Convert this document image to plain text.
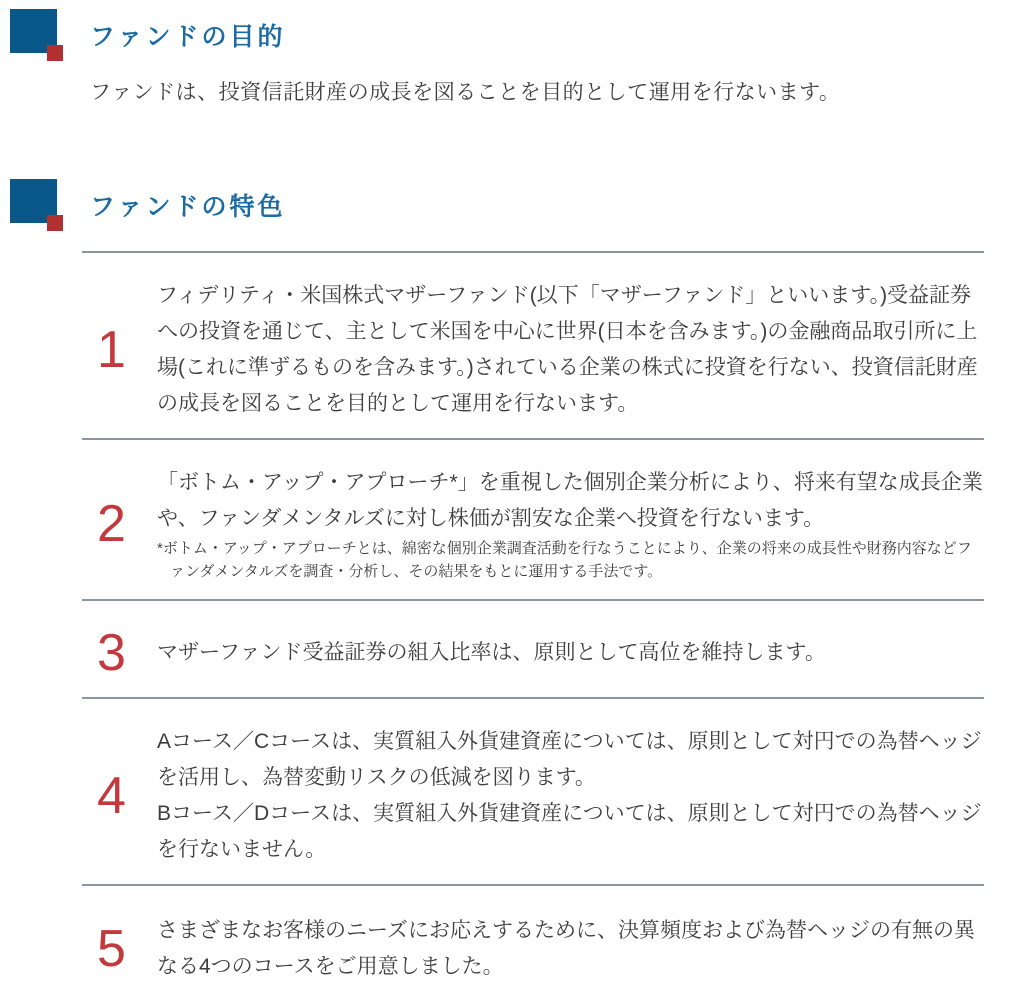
ファンドの目的

ファンドは、投資信託財産の成長を図ることを目的として運用を行ないます。

ファンドの特色
1

フィデリティ・米国株式マザーファンド(以下「マザーファンド」といいます。)受益証券への投資を通じて、主として米国を中心に世界(日本を含みます。)の金融商品取引所に上場(これに準ずるものを含みます。)されている企業の株式に投資を行ない、投資信託財産の成長を図ることを目的として運用を行ないます。

2

「ボトム・アップ・アプローチ*」を重視した個別企業分析により、将来有望な成長企業や、ファンダメンタルズに対し株価が割安な企業へ投資を行ないます。

*ボトム・アップ・アプローチとは、綿密な個別企業調査活動を行なうことにより、企業の将来の成長性や財務内容などファンダメンタルズを調査・分析し、その結果をもとに運用する手法です。

3	マザーファンド受益証券の組入比率は、原則として高位を維持します。

4

Aコース／Cコースは、実質組入外貨建資産については、原則として対円での為替ヘッジを活用し、為替変動リスクの低減を図ります。

Bコース／Dコースは、実質組入外貨建資産については、原則として対円での為替ヘッジを行ないません。

5	さまざまなお客様のニーズにお応えするために、決算頻度および為替ヘッジの有無の異なる4つのコースをご用意しました。
